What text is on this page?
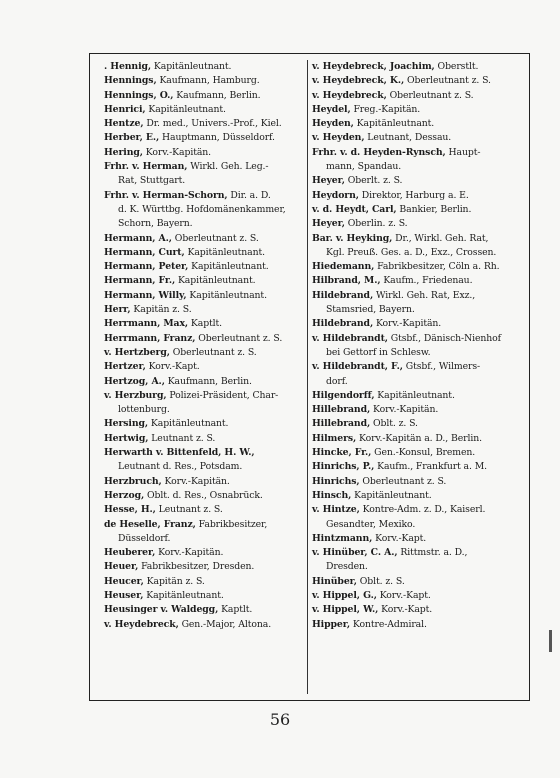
. Hennig, Kapitänleutnant.
Hennings, Kaufmann, Hamburg.
Hennings, O., Kaufmann, Berlin.
Henrici, Kapitänleutnant.
Hentze, Dr. med., Univers.-Prof., Kiel.
Herber, E., Hauptmann, Düsseldorf.
Hering, Korv.-Kapitän.
Frhr. v. Herman, Wirkl. Geh. Leg.-
Rat, Stuttgart.
Frhr. v. Herman-Schorn, Dir. a. D.
d. K. Württbg. Hofdomänenkammer,
Schorn, Bayern.
Hermann, A., Oberleutnant z. S.
Hermann, Curt, Kapitänleutnant.
Hermann, Peter, Kapitänleutnant.
Hermann, Fr., Kapitänleutnant.
Hermann, Willy, Kapitänleutnant.
Herr, Kapitän z. S.
Herrmann, Max, Kaptlt.
Herrmann, Franz, Oberleutnant z. S.
v. Hertzberg, Oberleutnant z. S.
Hertzer, Korv.-Kapt.
Hertzog, A., Kaufmann, Berlin.
v. Herzburg, Polizei-Präsident, Char-
lottenburg.
Hersing, Kapitänleutnant.
Hertwig, Leutnant z. S.
Herwarth v. Bittenfeld, H. W.,
Leutnant d. Res., Potsdam.
Herzbruch, Korv.-Kapitän.
Herzog, Oblt. d. Res., Osnabrück.
Hesse, H., Leutnant z. S.
de Heselle, Franz, Fabrikbesitzer,
Düsseldorf.
Heuberer, Korv.-Kapitän.
Heuer, Fabrikbesitzer, Dresden.
Heucer, Kapitän z. S.
Heuser, Kapitänleutnant.
Heusinger v. Waldegg, Kaptlt.
v. Heydebreck, Gen.-Major, Altona.
v. Heydebreck, Joachim, Oberstlt.
v. Heydebreck, K., Oberleutnant z. S.
v. Heydebreck, Oberleutnant z. S.
Heydel, Freg.-Kapitän.
Heyden, Kapitänleutnant.
v. Heyden, Leutnant, Dessau.
Frhr. v. d. Heyden-Rynsch, Haupt-
mann, Spandau.
Heyer, Oberlt. z. S.
Heydorn, Direktor, Harburg a. E.
v. d. Heydt, Carl, Bankier, Berlin.
Heyer, Oberlin. z. S.
Bar. v. Heyking, Dr., Wirkl. Geh. Rat,
Kgl. Preuß. Ges. a. D., Exz., Crossen.
Hiedemann, Fabrikbesitzer, Cöln a. Rh.
Hilbrand, M., Kaufm., Friedenau.
Hildebrand, Wirkl. Geh. Rat, Exz.,
Stamsried, Bayern.
Hildebrand, Korv.-Kapitän.
v. Hildebrandt, Gtsbf., Dänisch-Nienhof
bei Gettorf in Schlesw.
v. Hildebrandt, F., Gtsbf., Wilmers-
dorf.
Hilgendorff, Kapitänleutnant.
Hillebrand, Korv.-Kapitän.
Hillebrand, Oblt. z. S.
Hilmers, Korv.-Kapitän a. D., Berlin.
Hincke, Fr., Gen.-Konsul, Bremen.
Hinrichs, P., Kaufm., Frankfurt a. M.
Hinrichs, Oberleutnant z. S.
Hinsch, Kapitänleutnant.
v. Hintze, Kontre-Adm. z. D., Kaiserl.
Gesandter, Mexiko.
Hintzmann, Korv.-Kapt.
v. Hinüber, C. A., Rittmstr. a. D.,
Dresden.
Hinüber, Oblt. z. S.
v. Hippel, G., Korv.-Kapt.
v. Hippel, W., Korv.-Kapt.
Hipper, Kontre-Admiral.
56
